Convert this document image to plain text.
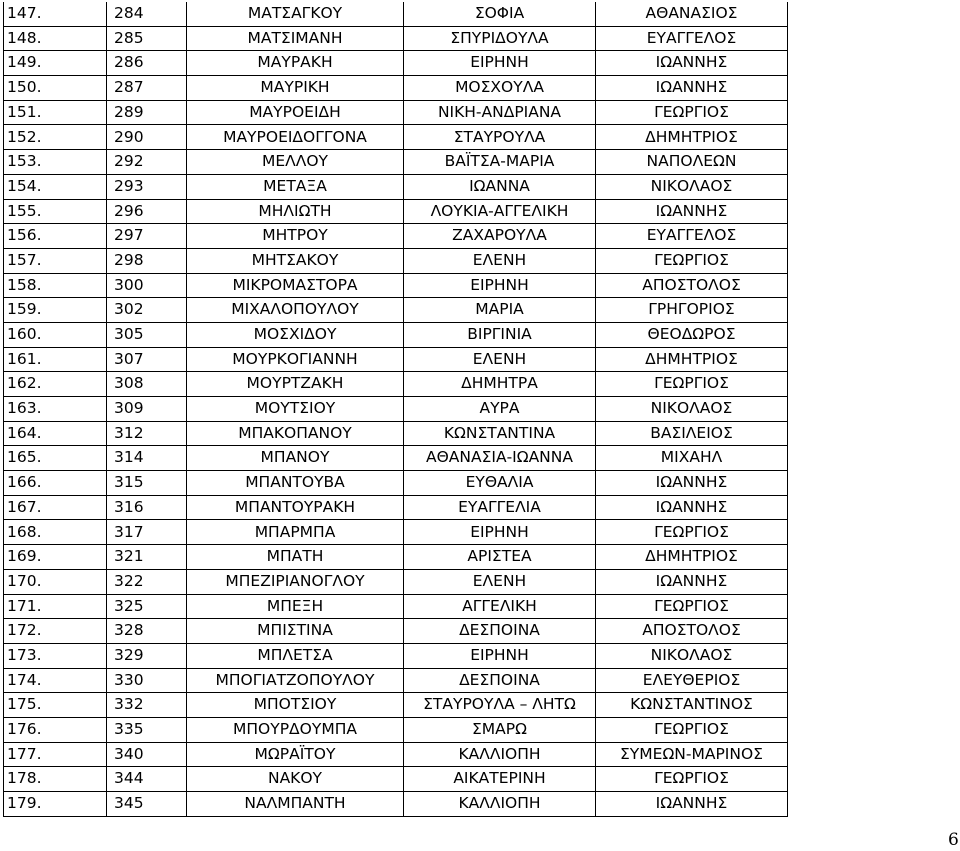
147.	284	ΜΑΤΣΑΓΚΟΥ	ΣΟΦΙΑ	ΑΘΑΝΑΣΙΟΣ
148.	285	ΜΑΤΣΙΜΑΝΗ	ΣΠΥΡΙΔΟΥΛΑ	ΕΥΑΓΓΕΛΟΣ
149.	286	ΜΑΥΡΑΚΗ	ΕΙΡΗΝΗ	ΙΩΑΝΝΗΣ
150.	287	ΜΑΥΡΙΚΗ	ΜΟΣΧΟΥΛΑ	ΙΩΑΝΝΗΣ
151.	289	ΜΑΥΡΟΕΙΔΗ	ΝΙΚΗ-ΑΝΔΡΙΑΝΑ	ΓΕΩΡΓΙΟΣ
152.	290	ΜΑΥΡΟΕΙΔΟΓΓΟΝΑ	ΣΤΑΥΡΟΥΛΑ	ΔΗΜΗΤΡΙΟΣ
153.	292	ΜΕΛΛΟΥ	ΒΑΪΤΣΑ-ΜΑΡΙΑ	ΝΑΠΟΛΕΩΝ
154.	293	ΜΕΤΑΞΑ	ΙΩΑΝΝΑ	ΝΙΚΟΛΑΟΣ
155.	296	ΜΗΛΙΩΤΗ	ΛΟΥΚΙΑ-ΑΓΓΕΛΙΚΗ	ΙΩΑΝΝΗΣ
156.	297	ΜΗΤΡΟΥ	ΖΑΧΑΡΟΥΛΑ	ΕΥΑΓΓΕΛΟΣ
157.	298	ΜΗΤΣΑΚΟΥ	ΕΛΕΝΗ	ΓΕΩΡΓΙΟΣ
158.	300	ΜΙΚΡΟΜΑΣΤΟΡΑ	ΕΙΡΗΝΗ	ΑΠΟΣΤΟΛΟΣ
159.	302	ΜΙΧΑΛΟΠΟΥΛΟΥ	ΜΑΡΙΑ	ΓΡΗΓΟΡΙΟΣ
160.	305	ΜΟΣΧΙΔΟΥ	ΒΙΡΓΙΝΙΑ	ΘΕΟΔΩΡΟΣ
161.	307	ΜΟΥΡΚΟΓΙΑΝΝΗ	ΕΛΕΝΗ	ΔΗΜΗΤΡΙΟΣ
162.	308	ΜΟΥΡΤΖΑΚΗ	ΔΗΜΗΤΡΑ	ΓΕΩΡΓΙΟΣ
163.	309	ΜΟΥΤΣΙΟΥ	ΑΥΡΑ	ΝΙΚΟΛΑΟΣ
164.	312	ΜΠΑΚΟΠΑΝΟΥ	ΚΩΝΣΤΑΝΤΙΝΑ	ΒΑΣΙΛΕΙΟΣ
165.	314	ΜΠΑΝΟΥ	ΑΘΑΝΑΣΙΑ-ΙΩΑΝΝΑ	ΜΙΧΑΗΛ
166.	315	ΜΠΑΝΤΟΥΒΑ	ΕΥΘΑΛΙΑ	ΙΩΑΝΝΗΣ
167.	316	ΜΠΑΝΤΟΥΡΑΚΗ	ΕΥΑΓΓΕΛΙΑ	ΙΩΑΝΝΗΣ
168.	317	ΜΠΑΡΜΠΑ	ΕΙΡΗΝΗ	ΓΕΩΡΓΙΟΣ
169.	321	ΜΠΑΤΗ	ΑΡΙΣΤΕΑ	ΔΗΜΗΤΡΙΟΣ
170.	322	ΜΠΕΖΙΡΙΑΝΟΓΛΟΥ	ΕΛΕΝΗ	ΙΩΑΝΝΗΣ
171.	325	ΜΠΕΞΗ	ΑΓΓΕΛΙΚΗ	ΓΕΩΡΓΙΟΣ
172.	328	ΜΠΙΣΤΙΝΑ	ΔΕΣΠΟΙΝΑ	ΑΠΟΣΤΟΛΟΣ
173.	329	ΜΠΛΕΤΣΑ	ΕΙΡΗΝΗ	ΝΙΚΟΛΑΟΣ
174.	330	ΜΠΟΓΙΑΤΖΟΠΟΥΛΟΥ	ΔΕΣΠΟΙΝΑ	ΕΛΕΥΘΕΡΙΟΣ
175.	332	ΜΠΟΤΣΙΟΥ	ΣΤΑΥΡΟΥΛΑ – ΛΗΤΩ	ΚΩΝΣΤΑΝΤΙΝΟΣ
176.	335	ΜΠΟΥΡΔΟΥΜΠΑ	ΣΜΑΡΩ	ΓΕΩΡΓΙΟΣ
177.	340	ΜΩΡΑΪΤΟΥ	ΚΑΛΛΙΟΠΗ	ΣΥΜΕΩΝ-ΜΑΡΙΝΟΣ
178.	344	ΝΑΚΟΥ	ΑΙΚΑΤΕΡΙΝΗ	ΓΕΩΡΓΙΟΣ
179.	345	ΝΑΛΜΠΑΝΤΗ	ΚΑΛΛΙΟΠΗ	ΙΩΑΝΝΗΣ
6
